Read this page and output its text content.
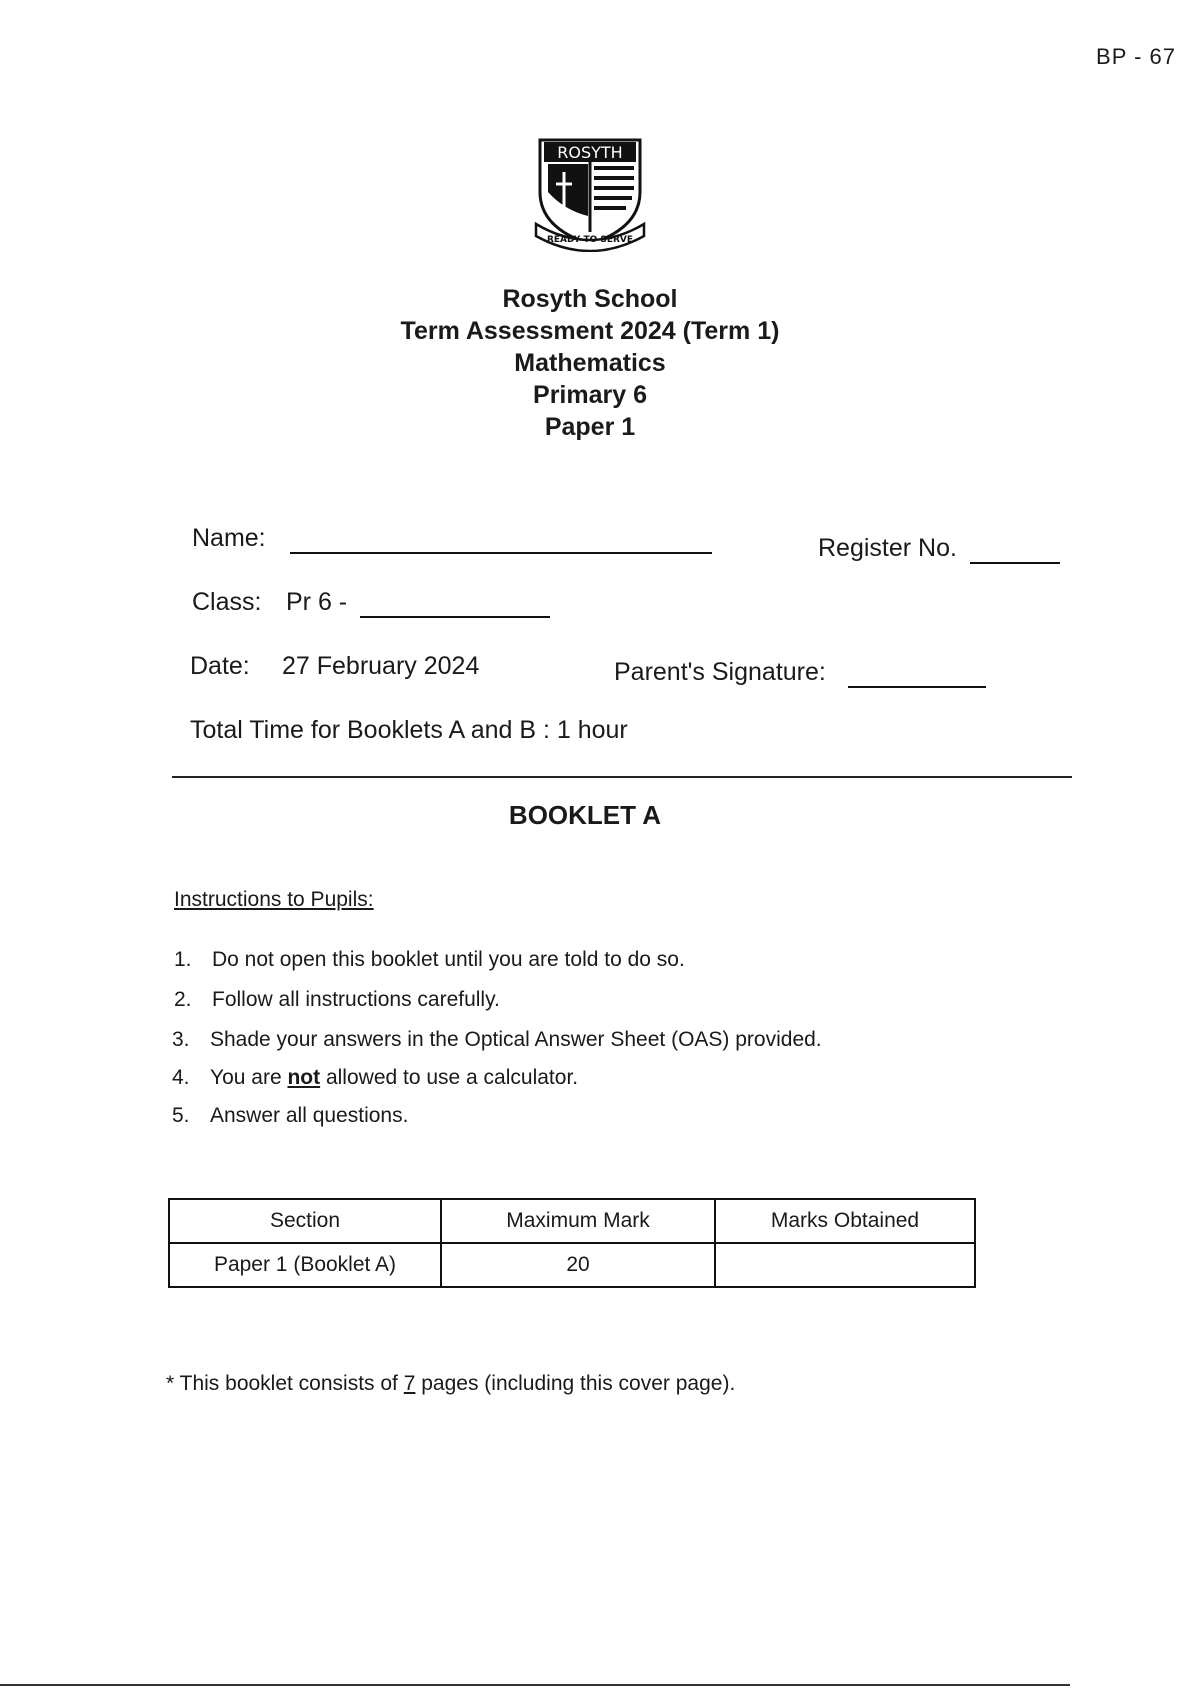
BP - 67
ROSYTH
READY TO SERVE
Rosyth School
Term Assessment 2024 (Term 1)
Mathematics
Primary 6
Paper 1
Name:	Register No.
Class: Pr 6 -
Date: 27 February 2024	Parent's Signature:
Total Time for Booklets A and B : 1 hour
BOOKLET A
Instructions to Pupils:
1. Do not open this booklet until you are told to do so.
2. Follow all instructions carefully.
3. Shade your answers in the Optical Answer Sheet (OAS) provided.
4. You are not allowed to use a calculator.
5. Answer all questions.
Section	Maximum Mark	Marks Obtained
Paper 1 (Booklet A)	20	
* This booklet consists of 7 pages (including this cover page).
